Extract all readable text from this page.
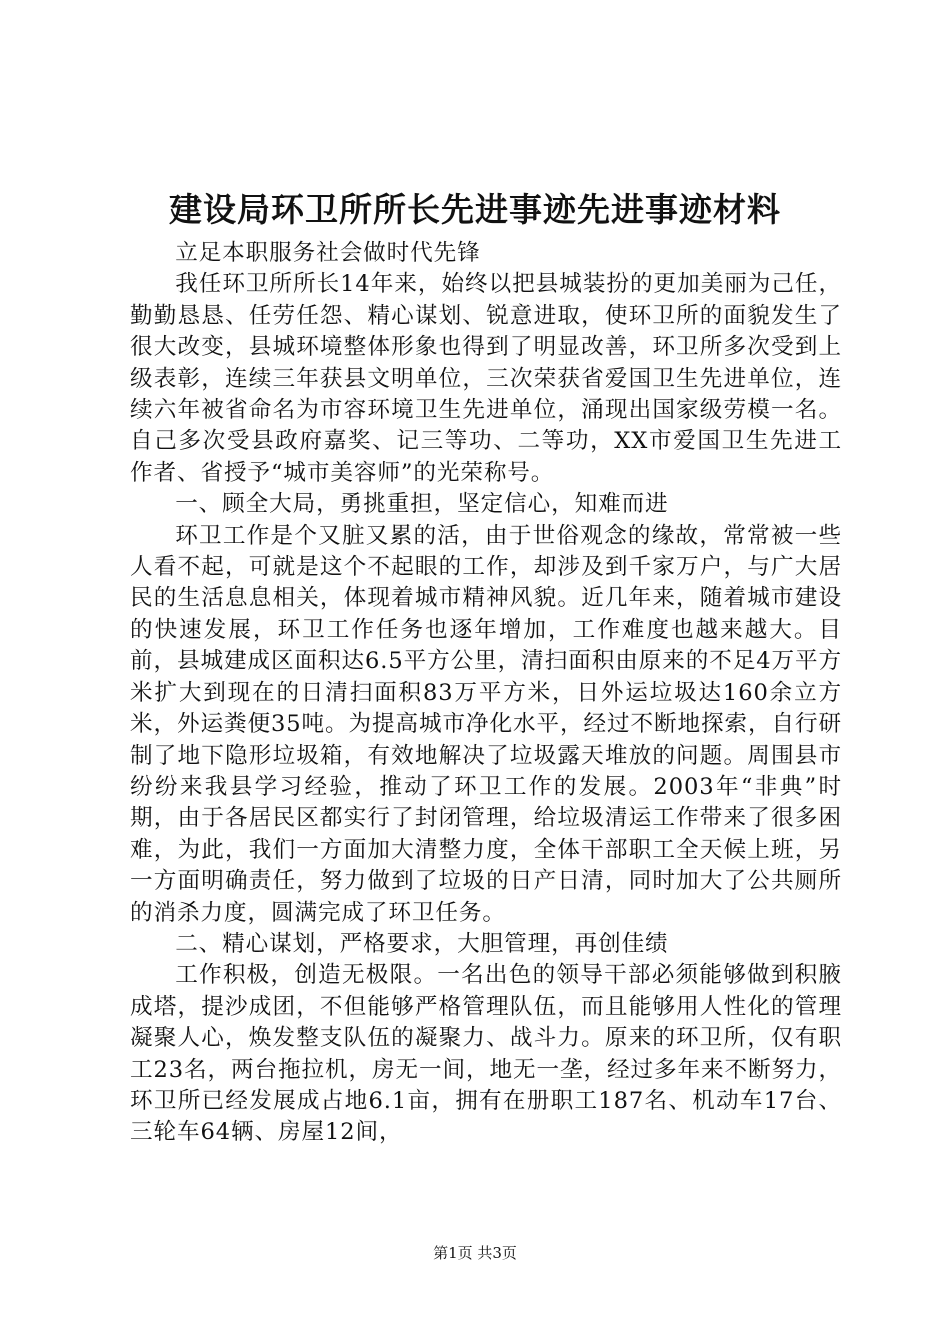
建设局环卫所所长先进事迹先进事迹材料

立足本职服务社会做时代先锋

我任环卫所所长14年来，始终以把县城装扮的更加美丽为己任，勤勤恳恳、任劳任怨、精心谋划、锐意进取，使环卫所的面貌发生了很大改变，县城环境整体形象也得到了明显改善，环卫所多次受到上级表彰，连续三年获县文明单位，三次荣获省爱国卫生先进单位，连续六年被省命名为市容环境卫生先进单位，涌现出国家级劳模一名。自己多次受县政府嘉奖、记三等功、二等功，XX市爱国卫生先进工作者、省授予“城市美容师”的光荣称号。

一、顾全大局，勇挑重担，坚定信心，知难而进

环卫工作是个又脏又累的活，由于世俗观念的缘故，常常被一些人看不起，可就是这个不起眼的工作，却涉及到千家万户，与广大居民的生活息息相关，体现着城市精神风貌。近几年来，随着城市建设的快速发展，环卫工作任务也逐年增加，工作难度也越来越大。目前，县城建成区面积达6.5平方公里，清扫面积由原来的不足4万平方米扩大到现在的日清扫面积83万平方米，日外运垃圾达160余立方米，外运粪便35吨。为提高城市净化水平，经过不断地探索，自行研制了地下隐形垃圾箱，有效地解决了垃圾露天堆放的问题。周围县市纷纷来我县学习经验，推动了环卫工作的发展。2003年“非典”时期，由于各居民区都实行了封闭管理，给垃圾清运工作带来了很多困难，为此，我们一方面加大清整力度，全体干部职工全天候上班，另一方面明确责任，努力做到了垃圾的日产日清，同时加大了公共厕所的消杀力度，圆满完成了环卫任务。

二、精心谋划，严格要求，大胆管理，再创佳绩

工作积极，创造无极限。一名出色的领导干部必须能够做到积腋成塔，提沙成团，不但能够严格管理队伍，而且能够用人性化的管理凝聚人心，焕发整支队伍的凝聚力、战斗力。原来的环卫所，仅有职工23名，两台拖拉机，房无一间，地无一垄，经过多年来不断努力，环卫所已经发展成占地6.1亩，拥有在册职工187名、机动车17台、三轮车64辆、房屋12间，

第1页 共3页
